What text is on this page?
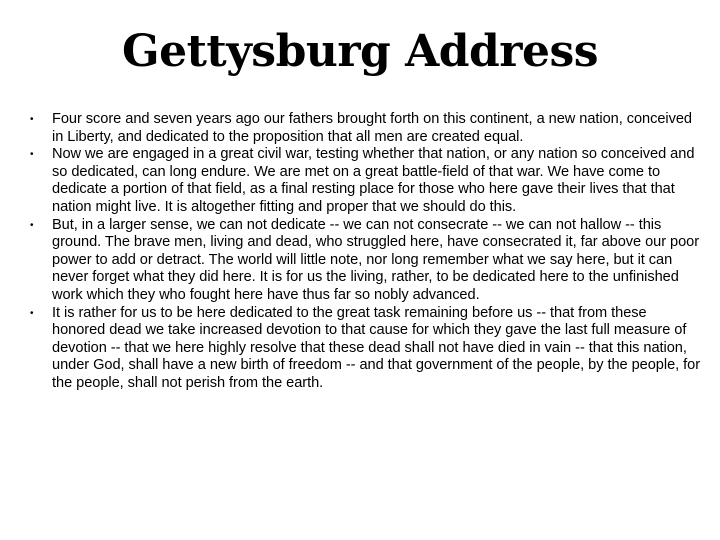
Gettysburg Address
•	Four score and seven years ago our fathers brought forth on this continent, a new nation, conceived in Liberty, and dedicated to the proposition that all men are created equal.
•	Now we are engaged in a great civil war, testing whether that nation, or any nation so conceived and so dedicated, can long endure. We are met on a great battle-field of that war. We have come to dedicate a portion of that field, as a final resting place for those who here gave their lives that that nation might live. It is altogether fitting and proper that we should do this.
•	But, in a larger sense, we can not dedicate -- we can not consecrate -- we can not hallow -- this ground. The brave men, living and dead, who struggled here, have consecrated it, far above our poor power to add or detract. The world will little note, nor long remember what we say here, but it can never forget what they did here. It is for us the living, rather, to be dedicated here to the unfinished work which they who fought here have thus far so nobly advanced.
•	It is rather for us to be here dedicated to the great task remaining before us -- that from these honored dead we take increased devotion to that cause for which they gave the last full measure of devotion -- that we here highly resolve that these dead shall not have died in vain -- that this nation, under God, shall have a new birth of freedom -- and that government of the people, by the people, for the people, shall not perish from the earth.
